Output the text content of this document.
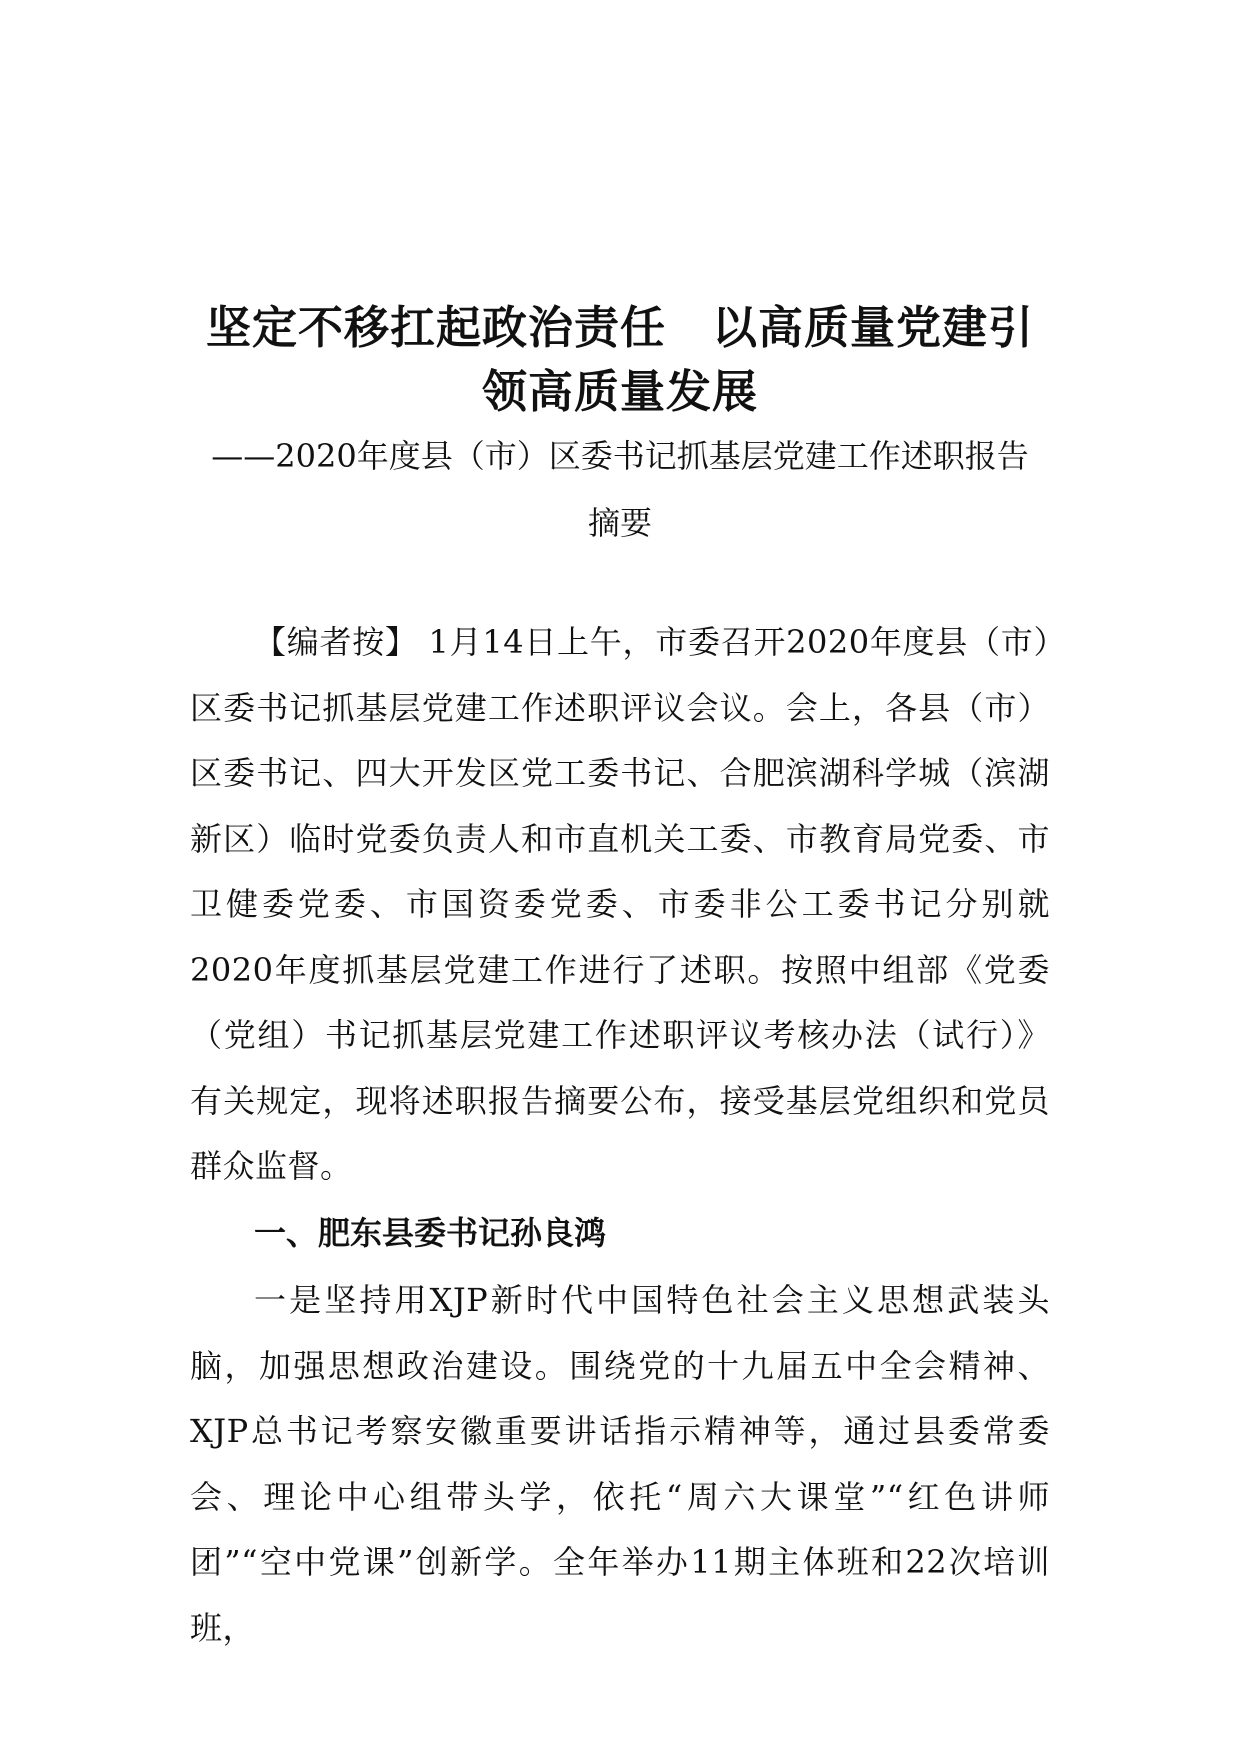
坚定不移扛起政治责任　以高质量党建引
领高质量发展

——2020年度县（市）区委书记抓基层党建工作述职报告

摘要

【编者按】 1月14日上午，市委召开2020年度县（市）区委书记抓基层党建工作述职评议会议。会上，各县（市）区委书记、四大开发区党工委书记、合肥滨湖科学城（滨湖新区）临时党委负责人和市直机关工委、市教育局党委、市卫健委党委、市国资委党委、市委非公工委书记分别就2020年度抓基层党建工作进行了述职。按照中组部《党委（党组）书记抓基层党建工作述职评议考核办法（试行）》有关规定，现将述职报告摘要公布，接受基层党组织和党员群众监督。

一、肥东县委书记孙良鸿

一是坚持用XJP新时代中国特色社会主义思想武装头脑，加强思想政治建设。围绕党的十九届五中全会精神、XJP总书记考察安徽重要讲话指示精神等，通过县委常委会、理论中心组带头学，依托“周六大课堂”“红色讲师团”“空中党课”创新学。全年举办11期主体班和22次培训班，
